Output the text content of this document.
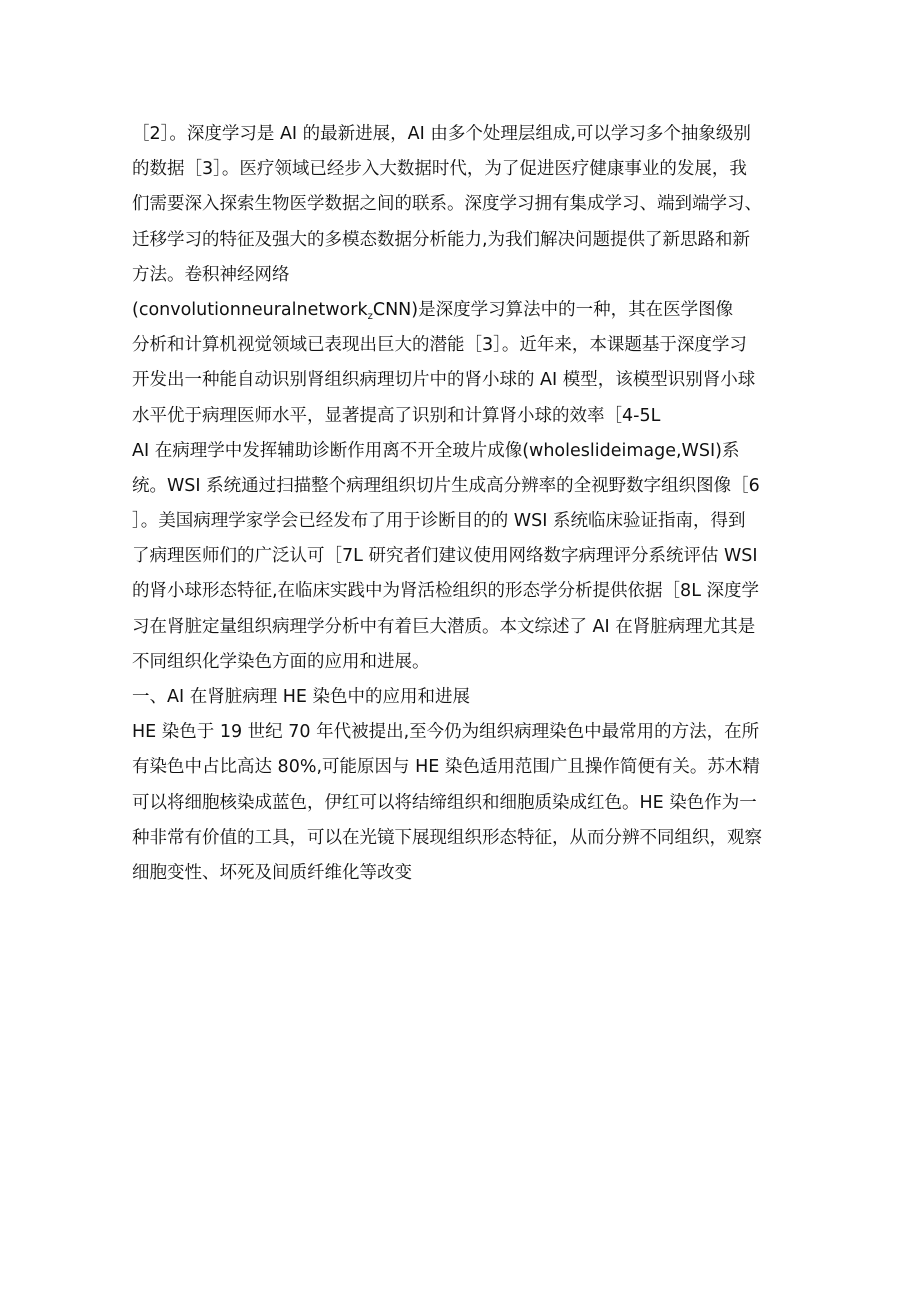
［2］。深度学习是 AI 的最新进展，AI 由多个处理层组成,可以学习多个抽象级别
的数据［3］。医疗领域已经步入大数据时代，为了促进医疗健康事业的发展，我
们需要深入探索生物医学数据之间的联系。深度学习拥有集成学习、端到端学习、
迁移学习的特征及强大的多模态数据分析能力,为我们解决问题提供了新思路和新
方法。卷积神经网络
(convolutionneuralnetwork$_z$CNN)是深度学习算法中的一种，其在医学图像
分析和计算机视觉领域已表现出巨大的潜能［3］。近年来，本课题基于深度学习
开发出一种能自动识别肾组织病理切片中的肾小球的 AI 模型，该模型识别肾小球
水平优于病理医师水平，显著提高了识别和计算肾小球的效率［4-5L
AI 在病理学中发挥辅助诊断作用离不开全玻片成像(wholeslideimage,WSI)系
统。WSI 系统通过扫描整个病理组织切片生成高分辨率的全视野数字组织图像［6
］。美国病理学家学会已经发布了用于诊断目的的 WSI 系统临床验证指南，得到
了病理医师们的广泛认可［7L 研究者们建议使用网络数字病理评分系统评估 WSI
的肾小球形态特征,在临床实践中为肾活检组织的形态学分析提供依据［8L 深度学
习在肾脏定量组织病理学分析中有着巨大潜质。本文综述了 AI 在肾脏病理尤其是
不同组织化学染色方面的应用和进展。
一、AI 在肾脏病理 HE 染色中的应用和进展
HE 染色于 19 世纪 70 年代被提出,至今仍为组织病理染色中最常用的方法，在所
有染色中占比高达 80%,可能原因与 HE 染色适用范围广且操作简便有关。苏木精
可以将细胞核染成蓝色，伊红可以将结缔组织和细胞质染成红色。HE 染色作为一
种非常有价值的工具，可以在光镜下展现组织形态特征，从而分辨不同组织，观察
细胞变性、坏死及间质纤维化等改变
